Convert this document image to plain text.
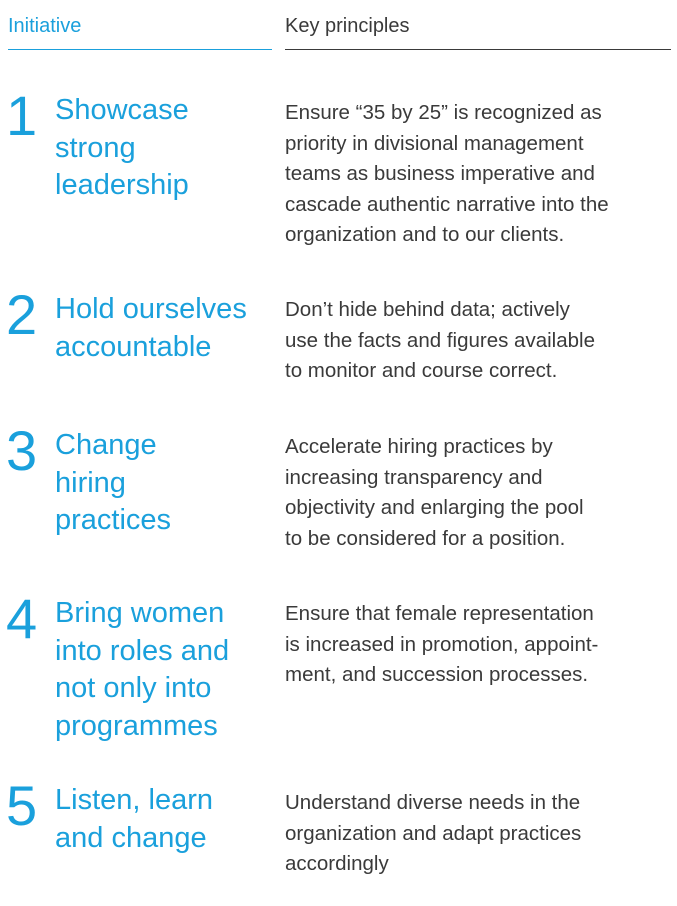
Initiative	Key principles
1 Showcase
strong
leadership
Ensure “35 by 25” is recognized as
priority in divisional management
teams as business imperative and
cascade authentic narrative into the
organization and to our clients.
2 Hold ourselves
accountable
Don’t hide behind data; actively
use the facts and figures available
to monitor and course correct.
3 Change
hiring
practices
Accelerate hiring practices by
increasing transparency and
objectivity and enlarging the pool
to be considered for a position.
4 Bring women
into roles and
not only into
programmes
Ensure that female representation
is increased in promotion, appoint-
ment, and succession processes.
5 Listen, learn
and change
Understand diverse needs in the
organization and adapt practices
accordingly
